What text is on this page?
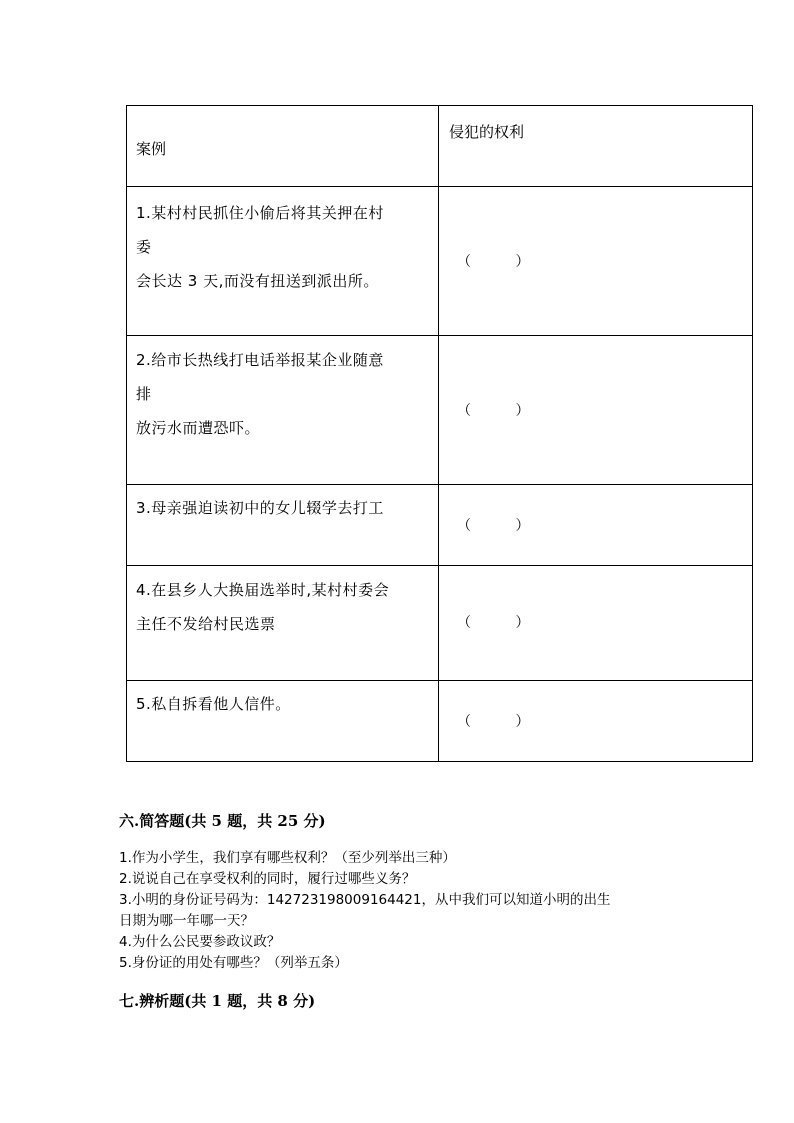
案例	侵犯的权利

1.某村村民抓住小偷后将其关押在村
委
会长达 3 天,而没有扭送到派出所。	（          ）

2.给市长热线打电话举报某企业随意
排
放污水而遭恐吓。	（          ）

3.母亲强迫读初中的女儿辍学去打工	（          ）

4.在县乡人大换届选举时,某村村委会
主任不发给村民选票	（          ）

5.私自拆看他人信件。	（          ）
六.简答题(共 5 题，共 25 分)
1.作为小学生，我们享有哪些权利？（至少列举出三种）
2.说说自己在享受权利的同时，履行过哪些义务？
3.小明的身份证号码为：142723198009164421，从中我们可以知道小明的出生
日期为哪一年哪一天？
4.为什么公民要参政议政？
5.身份证的用处有哪些？（列举五条）
七.辨析题(共 1 题，共 8 分)
